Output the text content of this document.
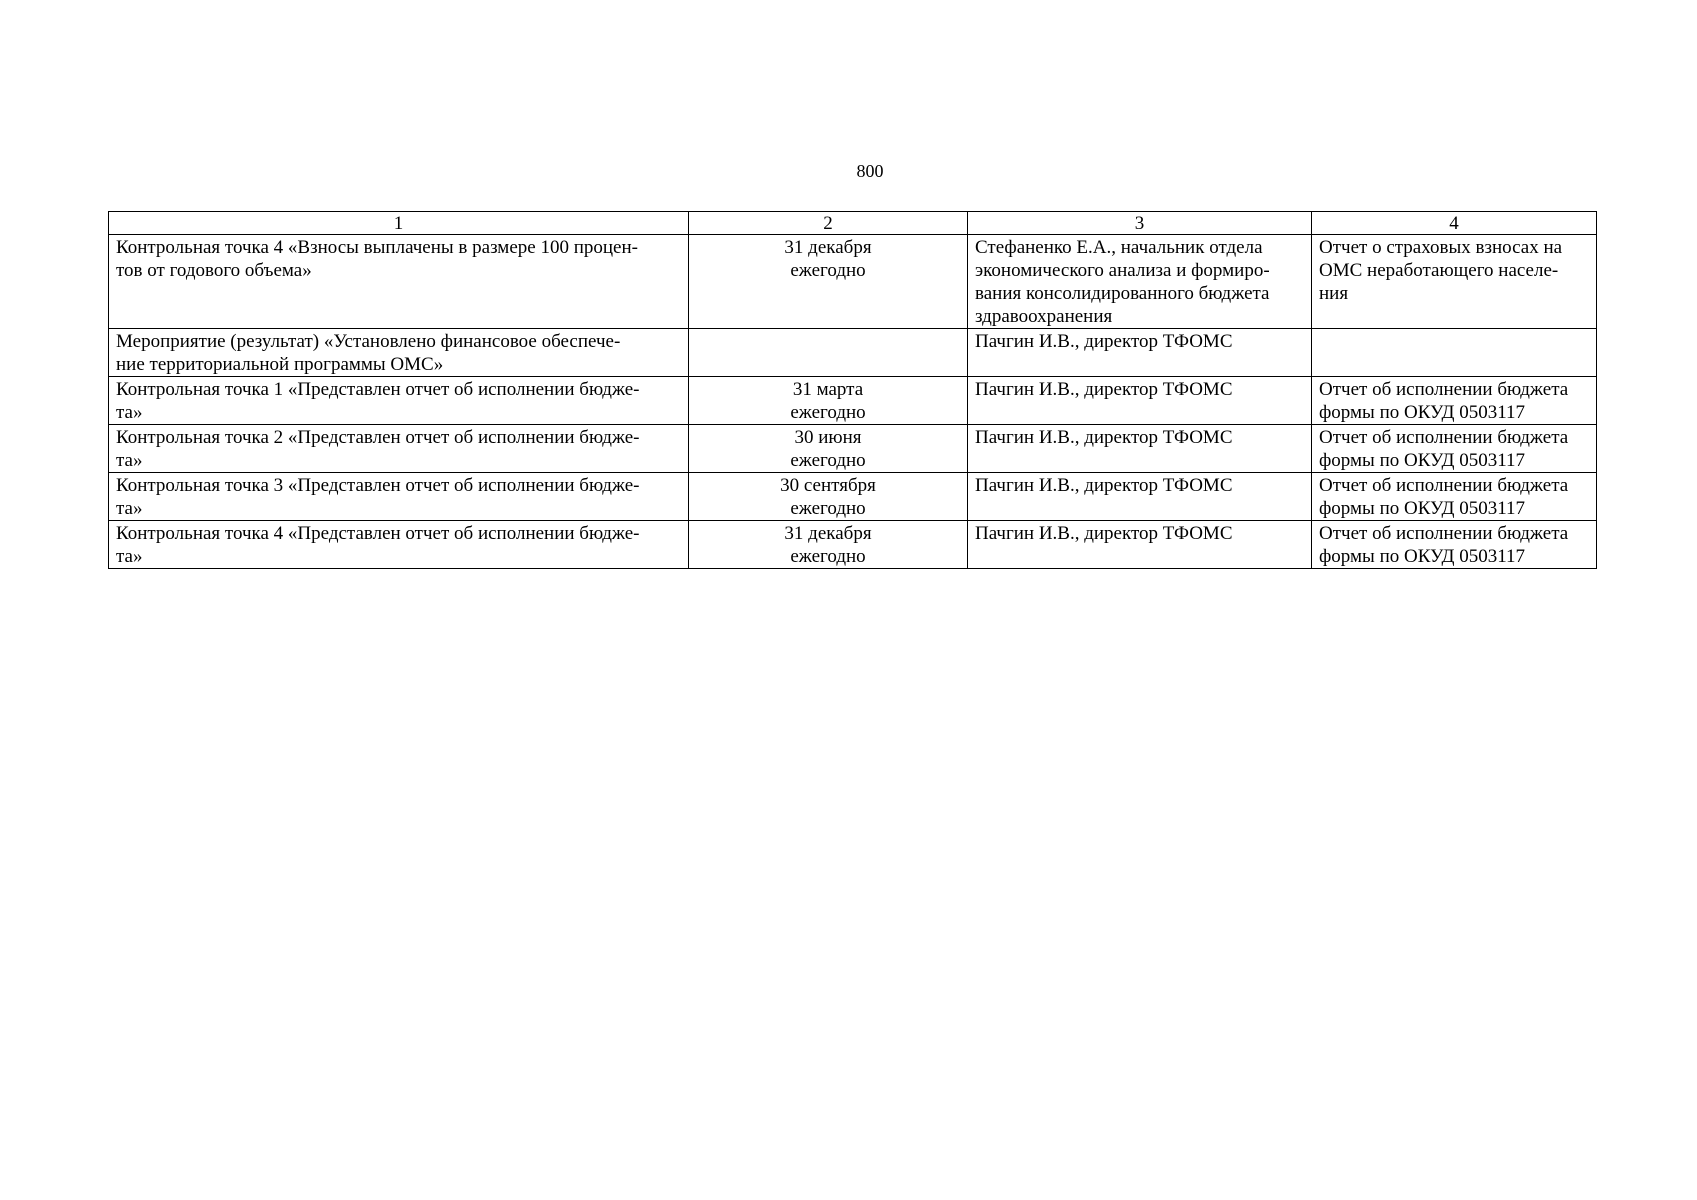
800
1	2	3	4

Контрольная точка 4 «Взносы выплачены в размере 100 процен-
тов от годового объема»	31 декабря
ежегодно	Стефаненко Е.А., начальник отдела
экономического анализа и формиро-
вания консолидированного бюджета
здравоохранения	Отчет о страховых взносах на
ОМС неработающего населе-
ния

Мероприятие (результат) «Установлено финансовое обеспече-
ние территориальной программы ОМС»		Пачгин И.В., директор ТФОМС	

Контрольная точка 1 «Представлен отчет об исполнении бюдже-
та»	31 марта
ежегодно	Пачгин И.В., директор ТФОМС	Отчет об исполнении бюджета
формы по ОКУД 0503117

Контрольная точка 2 «Представлен отчет об исполнении бюдже-
та»	30 июня
ежегодно	Пачгин И.В., директор ТФОМС	Отчет об исполнении бюджета
формы по ОКУД 0503117

Контрольная точка 3 «Представлен отчет об исполнении бюдже-
та»	30 сентября
ежегодно	Пачгин И.В., директор ТФОМС	Отчет об исполнении бюджета
формы по ОКУД 0503117

Контрольная точка 4 «Представлен отчет об исполнении бюдже-
та»	31 декабря
ежегодно	Пачгин И.В., директор ТФОМС	Отчет об исполнении бюджета
формы по ОКУД 0503117
